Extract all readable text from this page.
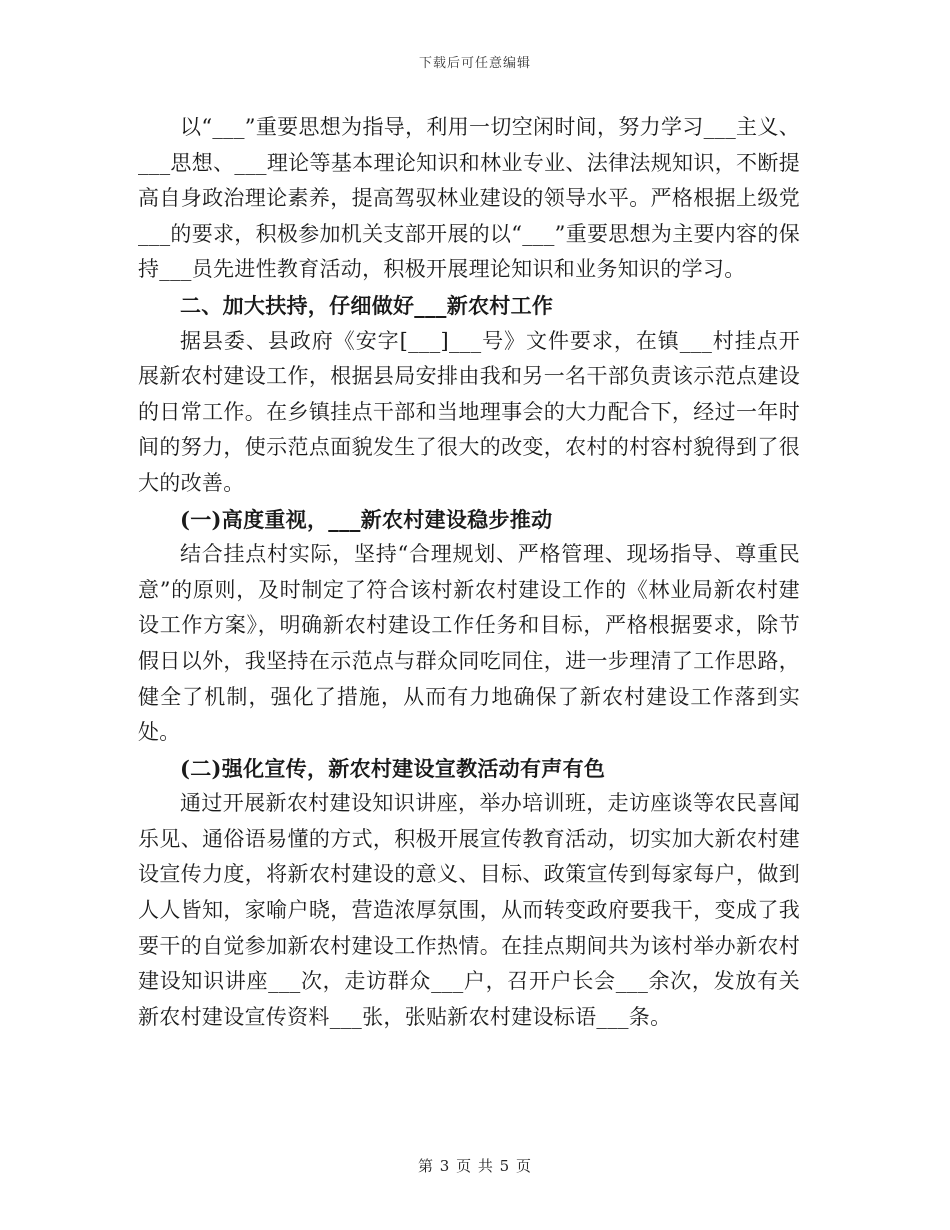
下载后可任意编辑

以“___”重要思想为指导，利用一切空闲时间，努力学习___主义、___思想、___理论等基本理论知识和林业专业、法律法规知识，不断提高自身政治理论素养，提高驾驭林业建设的领导水平。严格根据上级党___的要求，积极参加机关支部开展的以“___”重要思想为主要内容的保持___员先进性教育活动，积极开展理论知识和业务知识的学习。

二、加大扶持，仔细做好___新农村工作

据县委、县政府《安字[___]___号》文件要求，在镇___村挂点开展新农村建设工作，根据县局安排由我和另一名干部负责该示范点建设的日常工作。在乡镇挂点干部和当地理事会的大力配合下，经过一年时间的努力，使示范点面貌发生了很大的改变，农村的村容村貌得到了很大的改善。

(一)高度重视，___新农村建设稳步推动

结合挂点村实际，坚持“合理规划、严格管理、现场指导、尊重民意”的原则，及时制定了符合该村新农村建设工作的《林业局新农村建设工作方案》，明确新农村建设工作任务和目标，严格根据要求，除节假日以外，我坚持在示范点与群众同吃同住，进一步理清了工作思路，健全了机制，强化了措施，从而有力地确保了新农村建设工作落到实处。

(二)强化宣传，新农村建设宣教活动有声有色

通过开展新农村建设知识讲座，举办培训班，走访座谈等农民喜闻乐见、通俗语易懂的方式，积极开展宣传教育活动，切实加大新农村建设宣传力度，将新农村建设的意义、目标、政策宣传到每家每户，做到人人皆知，家喻户晓，营造浓厚氛围，从而转变政府要我干，变成了我要干的自觉参加新农村建设工作热情。在挂点期间共为该村举办新农村建设知识讲座___次，走访群众___户，召开户长会___余次，发放有关新农村建设宣传资料___张，张贴新农村建设标语___条。

第 3 页 共 5 页
